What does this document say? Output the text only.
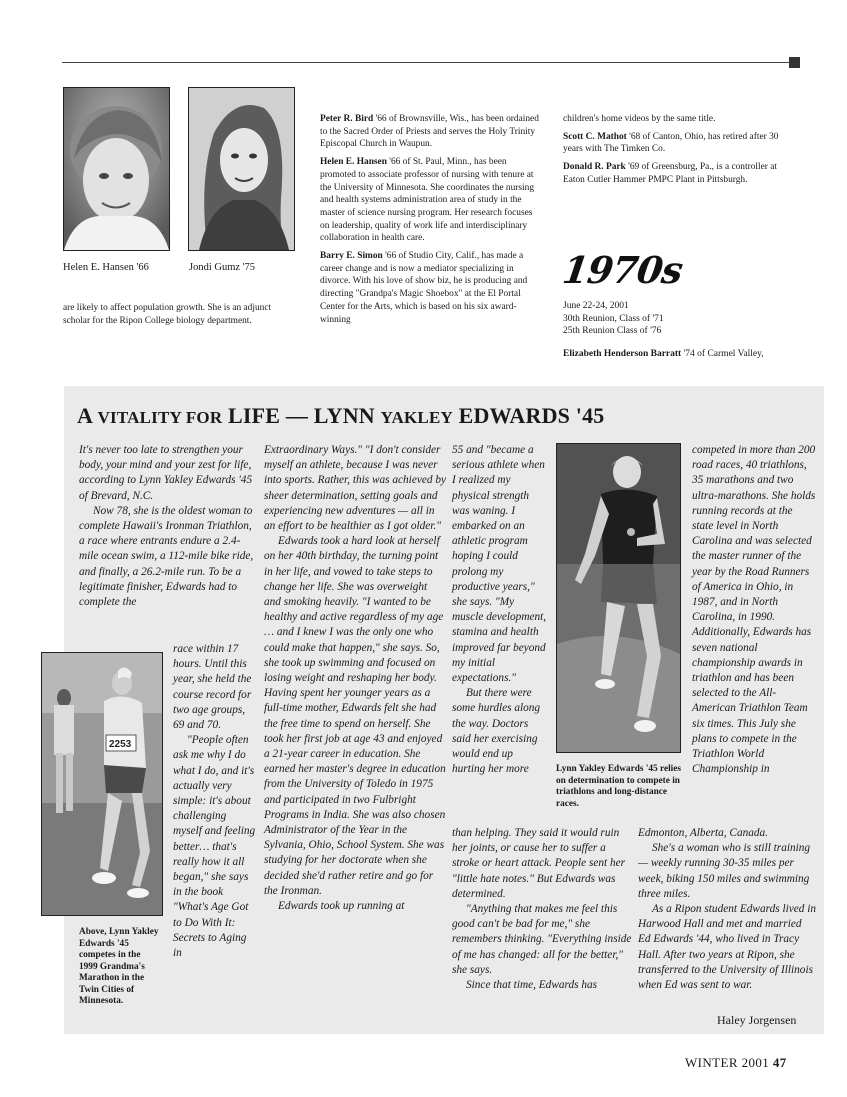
Helen E. Hansen '66	Jondi Gumz '75

are likely to affect population growth. She is an adjunct scholar for the Ripon College biology department.

Peter R. Bird '66 of Brownsville, Wis., has been ordained to the Sacred Order of Priests and serves the Holy Trinity Episcopal Church in Waupun.

Helen E. Hansen '66 of St. Paul, Minn., has been promoted to associate professor of nursing with tenure at the University of Minnesota. She coordinates the nursing and health systems administration area of study in the master of science nursing program. Her research focuses on leadership, quality of work life and interdisciplinary collaboration in health care.

Barry E. Simon '66 of Studio City, Calif., has made a career change and is now a mediator specializing in divorce. With his love of show biz, he is producing and directing "Grandpa's Magic Shoebox" at the El Portal Center for the Arts, which is based on his six award-winning

children's home videos by the same title.

Scott C. Mathot '68 of Canton, Ohio, has retired after 30 years with The Timken Co.

Donald R. Park '69 of Greensburg, Pa., is a controller at Eaton Cutler Hammer PMPC Plant in Pittsburgh.

1970s
June 22-24, 2001
30th Reunion, Class of '71
25th Reunion Class of '76
Elizabeth Henderson Barratt '74 of Carmel Valley,
A VITALITY FOR LIFE — LYNN YAKLEY EDWARDS '45

It's never too late to strengthen your body, your mind and your zest for life, according to Lynn Yakley Edwards '45 of Brevard, N.C.

Now 78, she is the oldest woman to complete Hawaii's Ironman Triathlon, a race where entrants endure a 2.4-mile ocean swim, a 112-mile bike ride, and finally, a 26.2-mile run. To be a legitimate finisher, Edwards had to complete the

race within 17 hours. Until this year, she held the course record for two age groups, 69 and 70.

"People often ask me why I do what I do, and it's actually very simple: it's about challenging myself and feeling better… that's really how it all began," she says in the book "What's Age Got to Do With It: Secrets to Aging in

2253
Above, Lynn Yakley Edwards '45 competes in the 1999 Grandma's Marathon in the Twin Cities of Minnesota.

Extraordinary Ways." "I don't consider myself an athlete, because I was never into sports. Rather, this was achieved by sheer determination, setting goals and experiencing new adventures — all in an effort to be healthier as I got older."

Edwards took a hard look at herself on her 40th birthday, the turning point in her life, and vowed to take steps to change her life. She was overweight and smoking heavily. "I wanted to be healthy and active regardless of my age … and I knew I was the only one who could make that happen," she says. So, she took up swimming and focused on losing weight and reshaping her body. Having spent her younger years as a full-time mother, Edwards felt she had the free time to spend on herself. She took her first job at age 43 and enjoyed a 21-year career in education. She earned her master's degree in education from the University of Toledo in 1975 and participated in two Fulbright Programs in India. She was also chosen Administrator of the Year in the Sylvania, Ohio, School System. She was studying for her doctorate when she decided she'd rather retire and go for the Ironman.

Edwards took up running at

55 and "became a serious athlete when I realized my physical strength was waning. I embarked on an athletic program hoping I could prolong my productive years," she says. "My muscle development, stamina and health improved far beyond my initial expectations."

But there were some hurdles along the way. Doctors said her exercising would end up hurting her more

than helping. They said it would ruin her joints, or cause her to suffer a stroke or heart attack. People sent her "little hate notes." But Edwards was determined.

"Anything that makes me feel this good can't be bad for me," she remembers thinking. "Everything inside of me has changed: all for the better," she says.

Since that time, Edwards has

Lynn Yakley Edwards '45 relies on determination to compete in triathlons and long-distance races.

competed in more than 200 road races, 40 triathlons, 35 marathons and two ultra-marathons. She holds running records at the state level in North Carolina and was selected the master runner of the year by the Road Runners of America in Ohio, in 1987, and in North Carolina, in 1990. Additionally, Edwards has seven national championship awards in triathlon and has been selected to the All-American Triathlon Team six times. This July she plans to compete in the Triathlon World Championship in

Edmonton, Alberta, Canada.

She's a woman who is still training — weekly running 30-35 miles per week, biking 150 miles and swimming three miles.

As a Ripon student Edwards lived in Harwood Hall and met and married Ed Edwards '44, who lived in Tracy Hall. After two years at Ripon, she transferred to the University of Illinois when Ed was sent to war.

Haley Jorgensen
WINTER 2001 47
